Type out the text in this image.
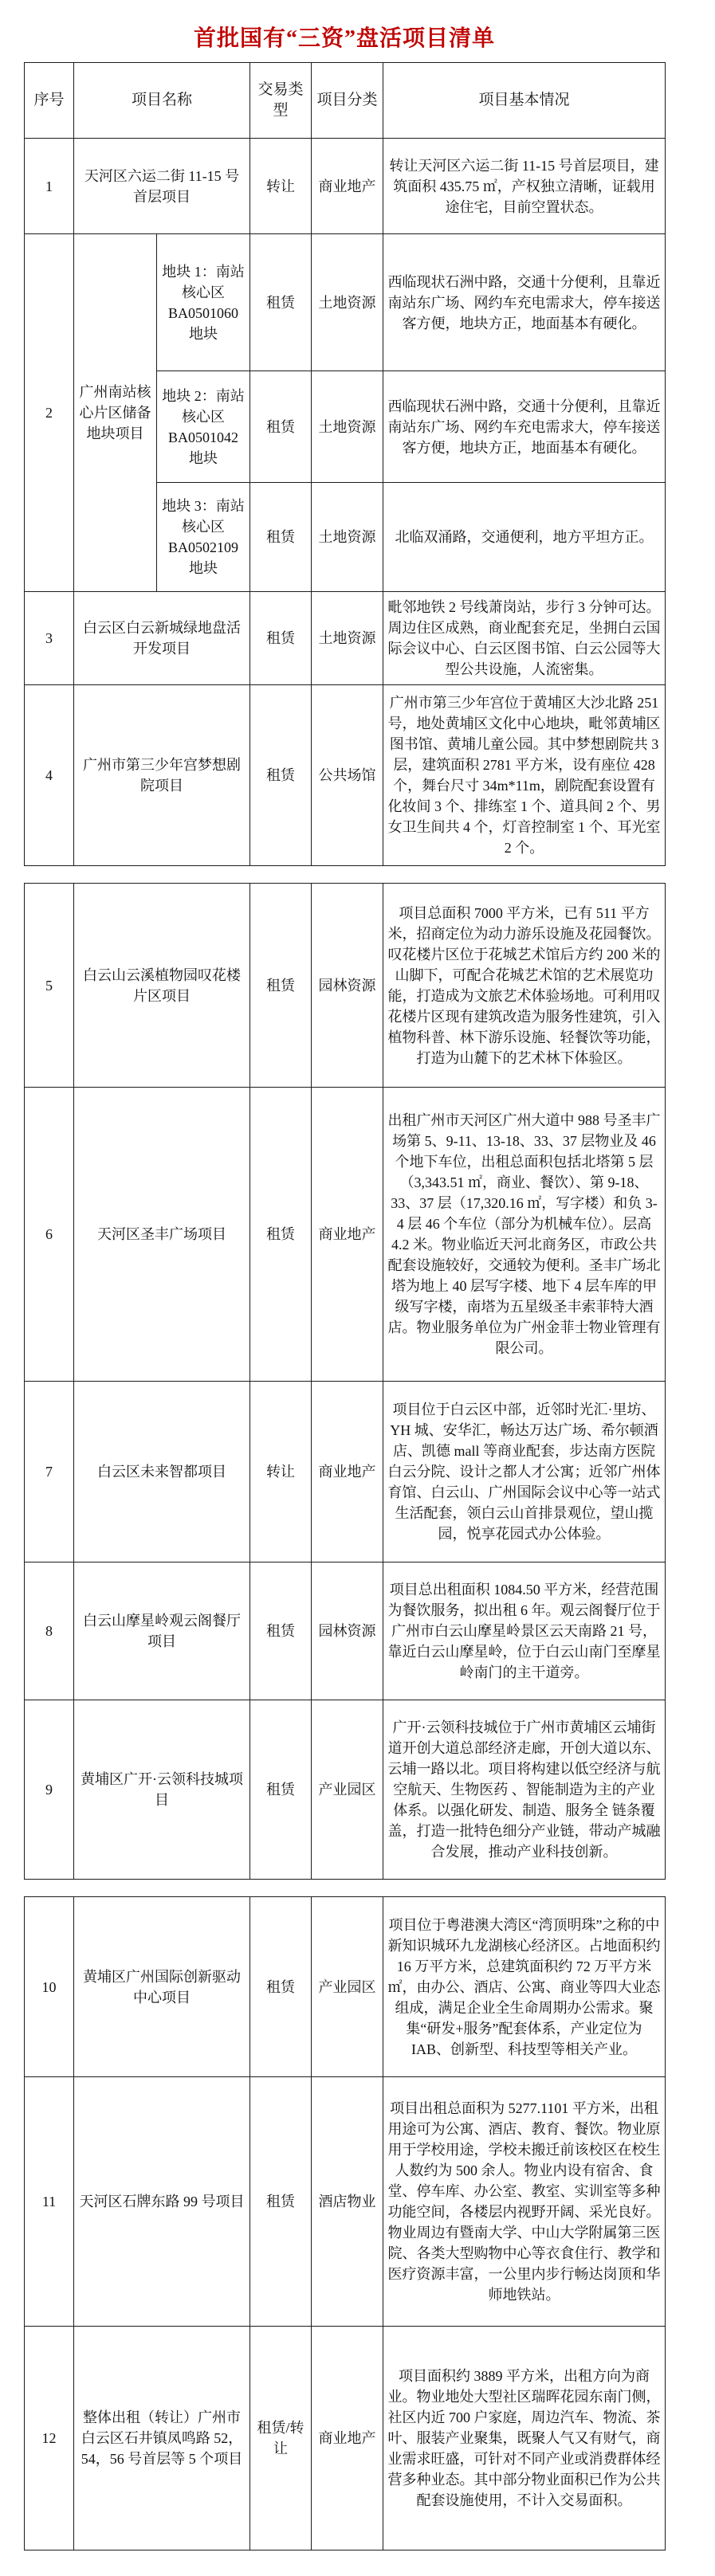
首批国有“三资”盘活项目清单
序号	项目名称		交易类型	项目分类	项目基本情况
1	天河区六运二街 11-15 号首层项目		转让	商业地产	转让天河区六运二街 11-15 号首层项目，建筑面积 435.75 ㎡，产权独立清晰，证载用途住宅，目前空置状态。
2	广州南站核心片区储备地块项目	地块 1：南站核心区 BA0501060 地块	租赁	土地资源	西临现状石洲中路，交通十分便利，且靠近南站东广场、网约车充电需求大，停车接送客方便，地块方正，地面基本有硬化。
		地块 2：南站核心区 BA0501042 地块	租赁	土地资源	西临现状石洲中路，交通十分便利，且靠近南站东广场、网约车充电需求大，停车接送客方便，地块方正，地面基本有硬化。
		地块 3：南站核心区 BA0502109 地块	租赁	土地资源	北临双涌路，交通便利，地方平坦方正。
3	白云区白云新城绿地盘活开发项目		租赁	土地资源	毗邻地铁 2 号线萧岗站，步行 3 分钟可达。周边住区成熟，商业配套充足，坐拥白云国际会议中心、白云区图书馆、白云公园等大型公共设施，人流密集。
4	广州市第三少年宫梦想剧院项目		租赁	公共场馆	广州市第三少年宫位于黄埔区大沙北路 251 号，地处黄埔区文化中心地块，毗邻黄埔区图书馆、黄埔儿童公园。其中梦想剧院共 3 层，建筑面积 2781 平方米，设有座位 428 个，舞台尺寸 34m*11m，剧院配套设置有化妆间 3 个、排练室 1 个、道具间 2 个、男女卫生间共 4 个，灯音控制室 1 个、耳光室 2 个。
5	白云山云溪植物园叹花楼片区项目	租赁	园林资源	项目总面积 7000 平方米，已有 511 平方米，招商定位为动力游乐设施及花园餐饮。叹花楼片区位于花城艺术馆后方约 200 米的山脚下，可配合花城艺术馆的艺术展览功能，打造成为文旅艺术体验场地。可利用叹花楼片区现有建筑改造为服务性建筑，引入植物科普、林下游乐设施、轻餐饮等功能，打造为山麓下的艺术林下体验区。
6	天河区圣丰广场项目	租赁	商业地产	出租广州市天河区广州大道中 988 号圣丰广场第 5、9-11、13-18、33、37 层物业及 46 个地下车位，出租总面积包括北塔第 5 层（3,343.51 ㎡，商业、餐饮）、第 9-18、33、37 层（17,320.16 ㎡，写字楼）和负 3-4 层 46 个车位（部分为机械车位）。层高 4.2 米。物业临近天河北商务区，市政公共配套设施较好，交通较为便利。圣丰广场北塔为地上 40 层写字楼、地下 4 层车库的甲级写字楼，南塔为五星级圣丰索菲特大酒店。物业服务单位为广州金菲士物业管理有限公司。
7	白云区未来智都项目	转让	商业地产	项目位于白云区中部，近邻时光汇·里坊、YH 城、安华汇，畅达万达广场、希尔顿酒店、凯德 mall 等商业配套，步达南方医院白云分院、设计之都人才公寓；近邻广州体育馆、白云山、广州国际会议中心等一站式生活配套，领白云山首排景观位，望山揽园，悦享花园式办公体验。
8	白云山摩星岭观云阁餐厅项目	租赁	园林资源	项目总出租面积 1084.50 平方米，经营范围为餐饮服务，拟出租 6 年。观云阁餐厅位于广州市白云山摩星岭景区云天南路 21 号，靠近白云山摩星岭，位于白云山南门至摩星岭南门的主干道旁。
9	黄埔区广开·云领科技城项目	租赁	产业园区	广开·云领科技城位于广州市黄埔区云埔街道开创大道总部经济走廊，开创大道以东、云埔一路以北。项目将构建以低空经济与航空航天、生物医药 、智能制造为主的产业体系。以强化研发、制造、服务全 链条覆盖，打造一批特色细分产业链，带动产城融合发展，推动产业科技创新。
10	黄埔区广州国际创新驱动中心项目	租赁	产业园区	项目位于粤港澳大湾区“湾顶明珠”之称的中新知识城环九龙湖核心经济区。占地面积约 16 万平方米，总建筑面积约 72 万平方米㎡，由办公、酒店、公寓、商业等四大业态组成，满足企业全生命周期办公需求。聚集“研发+服务”配套体系，产业定位为 IAB、创新型、科技型等相关产业。
11	天河区石牌东路 99 号项目	租赁	酒店物业	项目出租总面积为 5277.1101 平方米，出租用途可为公寓、酒店、教育、餐饮。物业原用于学校用途，学校未搬迁前该校区在校生人数约为 500 余人。物业内设有宿舍、食堂、停车库、办公室、教室、实训室等多种功能空间，各楼层内视野开阔、采光良好。物业周边有暨南大学、中山大学附属第三医院、各类大型购物中心等衣食住行、教学和医疗资源丰富，一公里内步行畅达岗顶和华师地铁站。
12	整体出租（转让）广州市白云区石井镇凤鸣路 52，54，56 号首层等 5 个项目	租赁/转让	商业地产	项目面积约 3889 平方米，出租方向为商业。物业地处大型社区瑞晖花园东南门侧，社区内近 700 户家庭，周边汽车、物流、茶叶、服装产业聚集，既聚人气又有财气，商业需求旺盛，可针对不同产业或消费群体经营多种业态。其中部分物业面积已作为公共配套设施使用，不计入交易面积。
